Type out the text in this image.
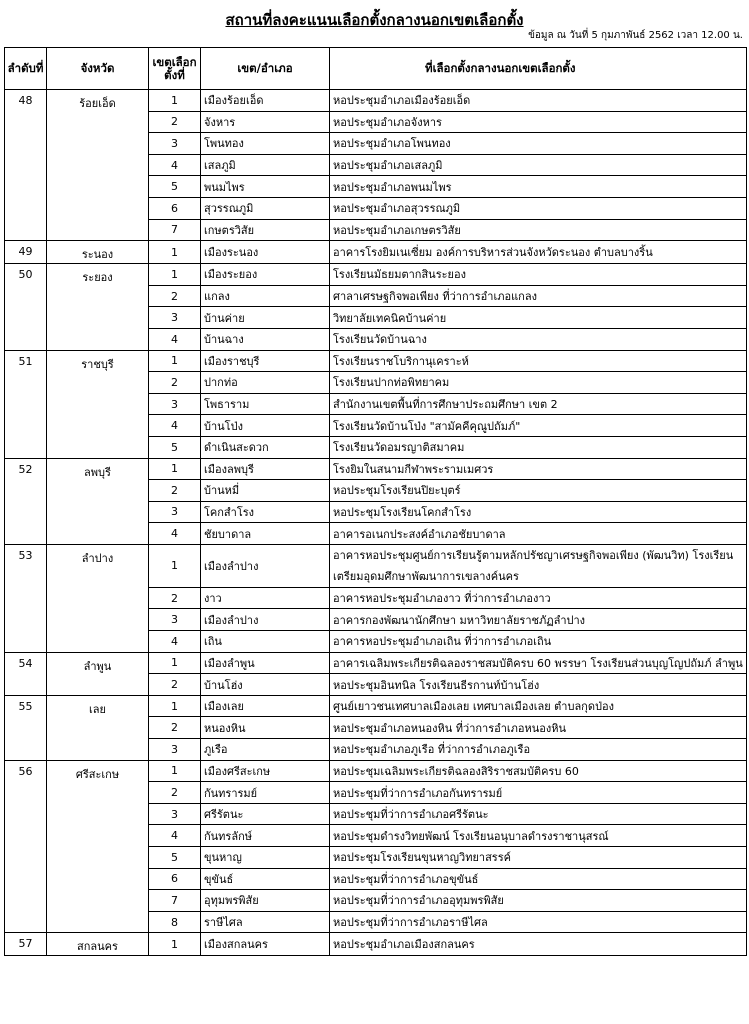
สถานที่ลงคะแนนเลือกตั้งกลางนอกเขตเลือกตั้ง
ข้อมูล ณ วันที่ 5 กุมภาพันธ์ 2562 เวลา 12.00 น.
ลำดับที่	จังหวัด	เขตเลือกตั้งที่	เขต/อำเภอ	ที่เลือกตั้งกลางนอกเขตเลือกตั้ง
48	ร้อยเอ็ด	1	เมืองร้อยเอ็ด	หอประชุมอำเภอเมืองร้อยเอ็ด
		2	จังหาร	หอประชุมอำเภอจังหาร
		3	โพนทอง	หอประชุมอำเภอโพนทอง
		4	เสลภูมิ	หอประชุมอำเภอเสลภูมิ
		5	พนมไพร	หอประชุมอำเภอพนมไพร
		6	สุวรรณภูมิ	หอประชุมอำเภอสุวรรณภูมิ
		7	เกษตรวิสัย	หอประชุมอำเภอเกษตรวิสัย
49	ระนอง	1	เมืองระนอง	อาคารโรงยิมเนเซี่ยม องค์การบริหารส่วนจังหวัดระนอง ตำบลบางริ้น
50	ระยอง	1	เมืองระยอง	โรงเรียนมัธยมตากสินระยอง
		2	แกลง	ศาลาเศรษฐกิจพอเพียง ที่ว่าการอำเภอแกลง
		3	บ้านค่าย	วิทยาลัยเทคนิคบ้านค่าย
		4	บ้านฉาง	โรงเรียนวัดบ้านฉาง
51	ราชบุรี	1	เมืองราชบุรี	โรงเรียนราชโบริกานุเคราะห์
		2	ปากท่อ	โรงเรียนปากท่อพิทยาคม
		3	โพธาราม	สำนักงานเขตพื้นที่การศึกษาประถมศึกษา เขต 2
		4	บ้านโป่ง	โรงเรียนวัดบ้านโป่ง "สามัคคีคุณูปถัมภ์"
		5	ดำเนินสะดวก	โรงเรียนวัดอมรญาติสมาคม
52	ลพบุรี	1	เมืองลพบุรี	โรงยิมในสนามกีฬาพระรามเมศวร
		2	บ้านหมี่	หอประชุมโรงเรียนปิยะบุตร์
		3	โคกสำโรง	หอประชุมโรงเรียนโคกสำโรง
		4	ชัยบาดาล	อาคารอเนกประสงค์อำเภอชัยบาดาล
53	ลำปาง	1	เมืองลำปาง	อาคารหอประชุมศูนย์การเรียนรู้ตามหลักปรัชญาเศรษฐกิจพอเพียง (พัฒนวิท) โรงเรียนเตรียมอุดมศึกษาพัฒนาการเขลางค์นคร
		2	งาว	อาคารหอประชุมอำเภองาว ที่ว่าการอำเภองาว
		3	เมืองลำปาง	อาคารกองพัฒนานักศึกษา มหาวิทยาลัยราชภัฏลำปาง
		4	เถิน	อาคารหอประชุมอำเภอเถิน ที่ว่าการอำเภอเถิน
54	ลำพูน	1	เมืองลำพูน	อาคารเฉลิมพระเกียรติฉลองราชสมบัติครบ 60 พรรษา โรงเรียนส่วนบุญโญปถัมภ์ ลำพูน
		2	บ้านโฮ่ง	หอประชุมอินทนิล โรงเรียนธีรกานท์บ้านโฮ่ง
55	เลย	1	เมืองเลย	ศูนย์เยาวชนเทศบาลเมืองเลย เทศบาลเมืองเลย ตำบลกุดป่อง
		2	หนองหิน	หอประชุมอำเภอหนองหิน ที่ว่าการอำเภอหนองหิน
		3	ภูเรือ	หอประชุมอำเภอภูเรือ ที่ว่าการอำเภอภูเรือ
56	ศรีสะเกษ	1	เมืองศรีสะเกษ	หอประชุมเฉลิมพระเกียรติฉลองสิริราชสมบัติครบ 60
		2	กันทรารมย์	หอประชุมที่ว่าการอำเภอกันทรารมย์
		3	ศรีรัตนะ	หอประชุมที่ว่าการอำเภอศรีรัตนะ
		4	กันทรลักษ์	หอประชุมดำรงวิทยพัฒน์ โรงเรียนอนุบาลดำรงราชานุสรณ์
		5	ขุนหาญ	หอประชุมโรงเรียนขุนหาญวิทยาสรรค์
		6	ขุขันธ์	หอประชุมที่ว่าการอำเภอขุขันธ์
		7	อุทุมพรพิสัย	หอประชุมที่ว่าการอำเภออุทุมพรพิสัย
		8	ราษีไศล	หอประชุมที่ว่าการอำเภอราษีไศล
57	สกลนคร	1	เมืองสกลนคร	หอประชุมอำเภอเมืองสกลนคร
